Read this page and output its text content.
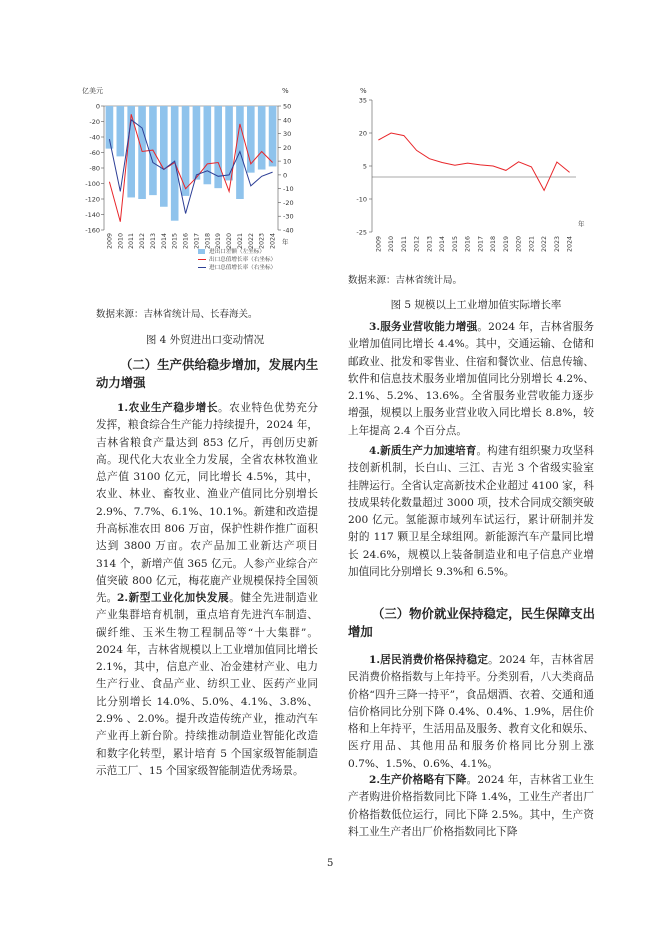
亿美元	%
0
-20
-40
-60
-80
-100
-120
-140
-160
50
40
30
20
10
0
-10
-20
-30
-40
2009 2010 2011 2012 2013 2014 2015 2016 2017 2018 2019 2020 2021 2022 2023 2024 年
进出口差额（左坐标）
出口总值增长率（右坐标）
进口总值增长率（右坐标）
数据来源：吉林省统计局、长春海关。
图 4 外贸进出口变动情况
%
35
20
5
-10
-25
2009 2010 2011 2012 2013 2014 2015 2016 2017 2018 2019 2020 2021 2022 2023 2024
年
数据来源：吉林省统计局。
图 5 规模以上工业增加值实际增长率
（二）生产供给稳步增加，发展内生动力增强

1.农业生产稳步增长。农业特色优势充分发挥，粮食综合生产能力持续提升，2024 年，吉林省粮食产量达到 853 亿斤，再创历史新高。现代化大农业全力发展，全省农林牧渔业总产值 3100 亿元，同比增长 4.5%，其中，农业、林业、畜牧业、渔业产值同比分别增长 2.9%、7.7%、6.1%、10.1%。新建和改造提升高标准农田 806 万亩，保护性耕作推广面积达到 3800 万亩。农产品加工业新达产项目 314 个，新增产值 365 亿元。人参产业综合产值突破 800 亿元，梅花鹿产业规模保持全国领先。 2.新型工业化加快发展。健全先进制造业产业集群培育机制，重点培育先进汽车制造、碳纤维、玉米生物工程制品等“十大集群”。2024 年，吉林省规模以上工业增加值同比增长 2.1%，其中，信息产业、冶金建材产业、电力生产行业、食品产业、纺织工业、医药产业同比分别增长 14.0%、5.0%、4.1%、3.8%、2.9% 、2.0%。提升改造传统产业，推动汽车产业再上新台阶。持续推动制造业智能化改造和数字化转型，累计培育 5 个国家级智能制造示范工厂、15 个国家级智能制造优秀场景。

3.服务业营收能力增强。2024 年，吉林省服务业增加值同比增长 4.4%。其中，交通运输、仓储和邮政业、批发和零售业、住宿和餐饮业、信息传输、软件和信息技术服务业增加值同比分别增长 4.2%、2.1%、5.2%、13.6%。全省服务业营收能力逐步增强，规模以上服务业营业收入同比增长 8.8%，较上年提高 2.4 个百分点。

4.新质生产力加速培育。构建有组织聚力攻坚科技创新机制，长白山、三江、吉光 3 个省级实验室挂牌运行。全省认定高新技术企业超过 4100 家，科技成果转化数量超过 3000 项，技术合同成交额突破 200 亿元。氢能源市域列车试运行，累计研制并发射的 117 颗卫星全球组网。新能源汽车产量同比增长 24.6%，规模以上装备制造业和电子信息产业增加值同比分别增长 9.3%和 6.5%。

（三）物价就业保持稳定，民生保障支出增加

1.居民消费价格保持稳定。2024 年，吉林省居民消费价格指数与上年持平。分类别看，八大类商品价格“四升三降一持平”，食品烟酒、衣着、交通和通信价格同比分别下降 0.4%、0.4%、1.9%，居住价格和上年持平，生活用品及服务、教育文化和娱乐、医疗用品、其他用品和服务价格同比分别上涨 0.7%、1.5%、0.6%、4.1%。

2.生产价格略有下降。2024 年，吉林省工业生产者购进价格指数同比下降 1.4%，工业生产者出厂价格指数低位运行，同比下降 2.5%。其中，生产资料工业生产者出厂价格指数同比下降

5
